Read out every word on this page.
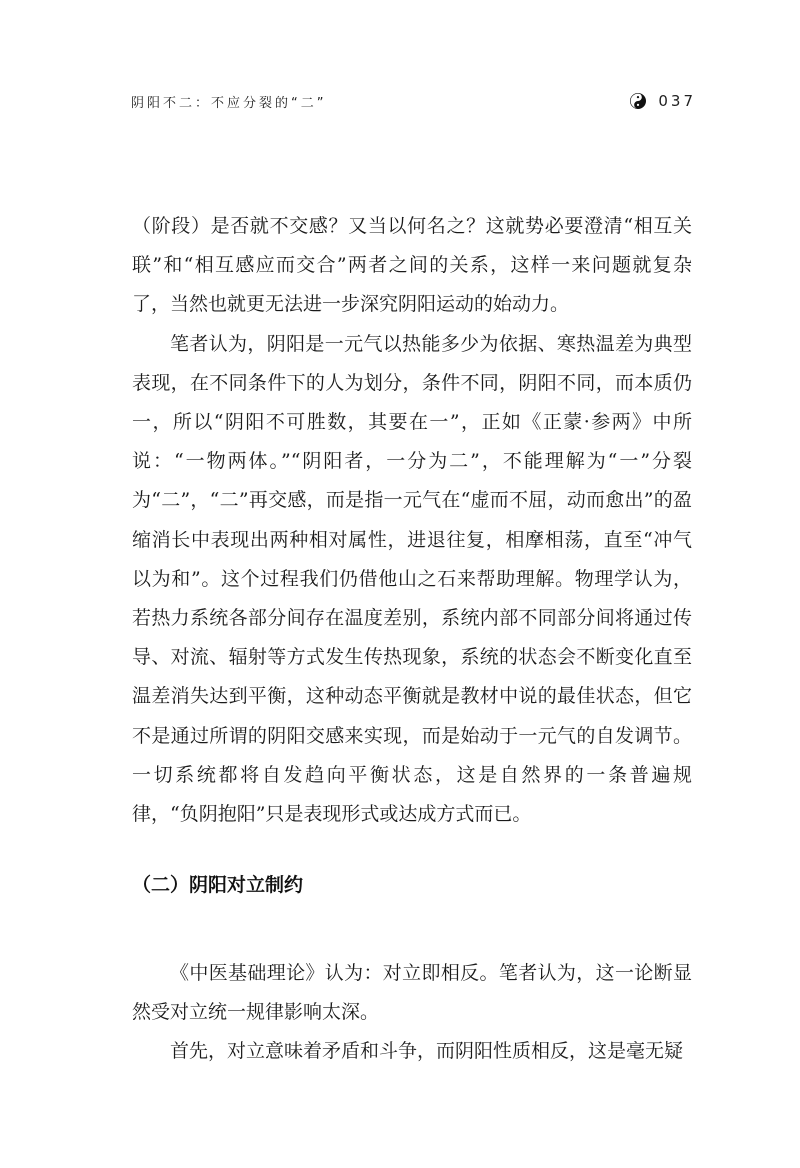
阴阳不二：不应分裂的“二”	037

（阶段）是否就不交感？又当以何名之？这就势必要澄清“相互关联”和“相互感应而交合”两者之间的关系，这样一来问题就复杂了，当然也就更无法进一步深究阴阳运动的始动力。

笔者认为，阴阳是一元气以热能多少为依据、寒热温差为典型表现，在不同条件下的人为划分，条件不同，阴阳不同，而本质仍一，所以“阴阳不可胜数，其要在一”，正如《正蒙·参两》中所说：“一物两体。”“阴阳者，一分为二”，不能理解为“一”分裂为“二”，“二”再交感，而是指一元气在“虚而不屈，动而愈出”的盈缩消长中表现出两种相对属性，进退往复，相摩相荡，直至“冲气以为和”。这个过程我们仍借他山之石来帮助理解。物理学认为，若热力系统各部分间存在温度差别，系统内部不同部分间将通过传导、对流、辐射等方式发生传热现象，系统的状态会不断变化直至温差消失达到平衡，这种动态平衡就是教材中说的最佳状态，但它不是通过所谓的阴阳交感来实现，而是始动于一元气的自发调节。一切系统都将自发趋向平衡状态，这是自然界的一条普遍规律，“负阴抱阳”只是表现形式或达成方式而已。

（二）阴阳对立制约

《中医基础理论》认为：对立即相反。笔者认为，这一论断显然受对立统一规律影响太深。

首先，对立意味着矛盾和斗争，而阴阳性质相反，这是毫无疑
